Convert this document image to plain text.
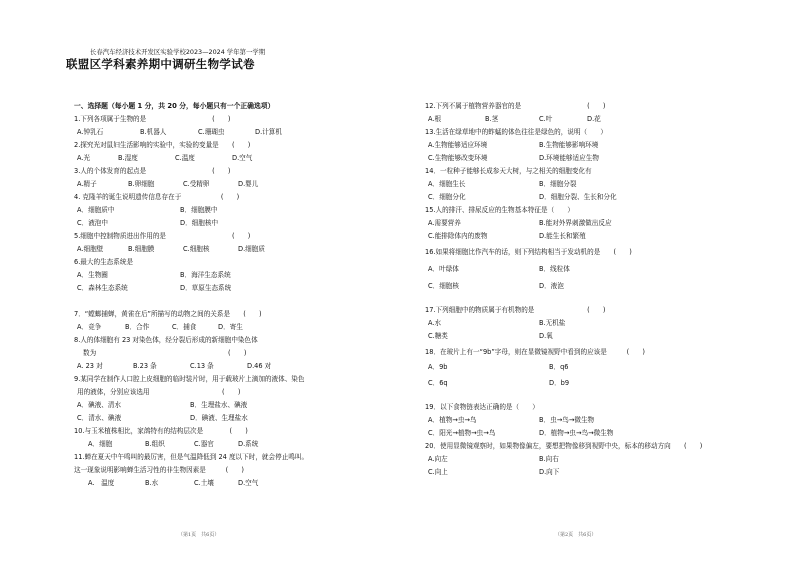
长春汽车经济技术开发区实验学校2023—2024 学年第一学期
联盟区学科素养期中调研生物学试卷
一、选择题（每小题 1 分，共 20 分，每小题只有一个正确选项）
1.下列各项属于生物的是　　　　　　　　　　(　　)
A.钟乳石	B.机器人	C.珊瑚虫	D.计算机
2.探究光对鼠妇生活影响的实验中，实验的变量是　　(　　)
A.光	B.湿度	C.温度	D.空气
3.人的个体发育的起点是　　　　　　　　　　(　　)
A.精子	B.卵细胞	C.受精卵	D.婴儿
4. 克隆羊的诞生说明遗传信息存在于　　　　　　(　　)
A．细胞质中	B．细胞膜中
C．液泡中	D．细胞核中
5.细胞中控制物质进出作用的是　　　　　　　　　　(　　)
A.细胞壁	B.细胞膜	C.细胞核	D.细胞质
6.最大的生态系统是
A．生物圈	B．海洋生态系统
C．森林生态系统	D．草原生态系统
7．“螳螂捕蝉，黄雀在后”所描写的动物之间的关系是　　(　　)
A．竞争	B．合作	C．捕食	D．寄生
8.人的体细胞有 23 对染色体，经分裂后形成的新细胞中染色体
数为　　　　　　　　　　　　　　　　　　　　(　　)
A. 23 对	B.23 条	C.13 条	D.46 对
9.某同学在制作人口腔上皮细胞的临时装片时，用于载玻片上滴加的液体、染色
用的液体，分别应该选用　　　　　　　　　　　(　　)
A．碘液、清水	B．生理盐水、碘液
C．清水、碘液	D．碘液、生理盐水
10.与玉米植株相比，家鸽特有的结构层次是　　　　(　　)
A．细胞	B.组织	C.器官	D.系统
11.蝉在夏天中午鸣叫的最厉害，但是气温降低到 24 度以下时，就会停止鸣叫。
这一现象说明影响蝉生活习性的非生物因素是　　　(　　)
A.　温度	B.水	C.土壤	D.空气
（第1页　共6页）
12.下列不属于植物营养器官的是　　　　　　　　　　(　　)
A.根	B.茎	C.叶	D.花
13.生活在绿草地中的蚱蜢的体色往往是绿色的，说明（　　）
A.生物能够适应环境	B.生物能够影响环境
C.生物能够改变环境	D.环境能够适应生物
14．一粒种子能够长成参天大树，与之相关的细胞变化有
A．细胞生长	B．细胞分裂
C．细胞分化	D．细胞分裂、生长和分化
15.人的排汗、排尿反应的生物基本特征是（　　）
A.需要营养	B.能对外界刺激做出反应
C.能排除体内的废物	D.能生长和繁殖
16.如果将细胞比作汽车的话，则下列结构相当于发动机的是　　(　　)
A．叶绿体	B．线粒体
C．细胞核	D．液泡
17.下列细胞中的物质属于有机物的是　　　　　　　　(　　)
A.水	B.无机盐
C.糖类	D.氧
18．在玻片上有一“9b”字母，则在显微镜视野中看到的应该是　　　(　　)
A．9b	B．q6
C．6q	D．b9
19．以下食物链表达正确的是（　　）
A．植物→虫→鸟	B．虫→鸟→微生物
C．阳光→植物→虫→鸟	D．植物→虫→鸟→微生物
20．使用显微镜观察时，如果物像偏左，要想把物像移到视野中央，标本的移动方向　　(　　)
A.向左	B.向右
C.向上	D.向下
（第2页　共6页）
